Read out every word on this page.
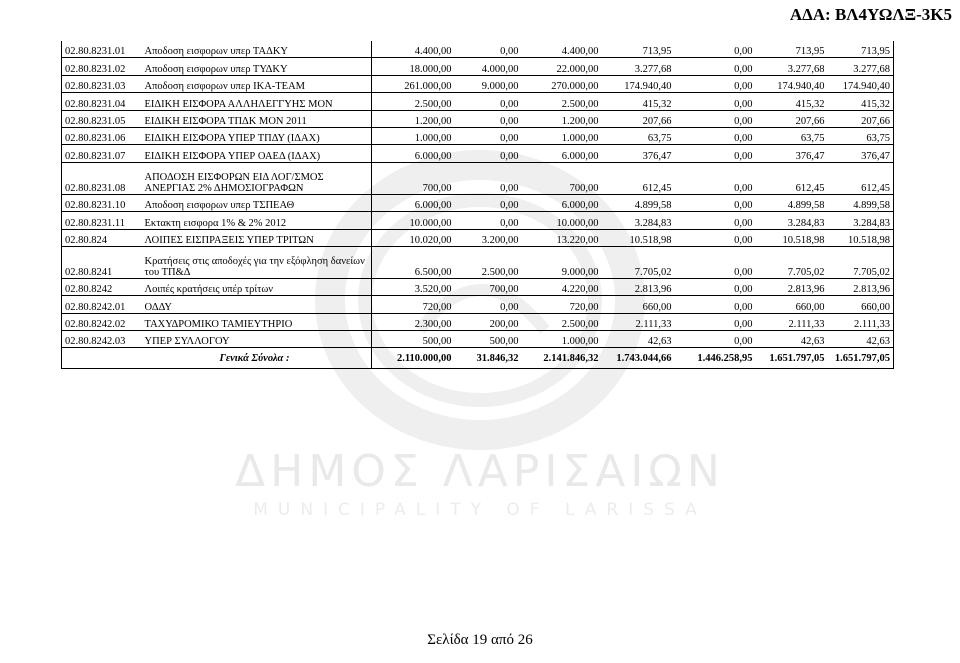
ΔΗΜΟΣ ΛΑΡΙΣΑΙΩΝ
MUNICIPALITY OF LARISSA
ΑΔΑ: ΒΛ4ΥΩΛΞ-3Κ5
02.80.8231.01	Αποδοση εισφορων υπερ ΤΑΔΚΥ	4.400,00	0,00	4.400,00	713,95	0,00	713,95	713,95
02.80.8231.02	Αποδοση εισφορων υπερ ΤΥΔΚΥ	18.000,00	4.000,00	22.000,00	3.277,68	0,00	3.277,68	3.277,68
02.80.8231.03	Αποδοση εισφορων υπερ ΙΚΑ-ΤΕΑΜ	261.000,00	9.000,00	270.000,00	174.940,40	0,00	174.940,40	174.940,40
02.80.8231.04	ΕΙΔΙΚΗ ΕΙΣΦΟΡΑ ΑΛΛΗΛΕΓΓΥΗΣ ΜΟΝ	2.500,00	0,00	2.500,00	415,32	0,00	415,32	415,32
02.80.8231.05	ΕΙΔΙΚΗ ΕΙΣΦΟΡΑ ΤΠΔΚ ΜΟΝ 2011	1.200,00	0,00	1.200,00	207,66	0,00	207,66	207,66
02.80.8231.06	ΕΙΔΙΚΗ ΕΙΣΦΟΡΑ ΥΠΕΡ ΤΠΔΥ (ΙΔΑΧ)	1.000,00	0,00	1.000,00	63,75	0,00	63,75	63,75
02.80.8231.07	ΕΙΔΙΚΗ ΕΙΣΦΟΡΑ ΥΠΕΡ ΟΑΕΔ (ΙΔΑΧ)	6.000,00	0,00	6.000,00	376,47	0,00	376,47	376,47
02.80.8231.08	ΑΠΟΔΟΣΗ ΕΙΣΦΟΡΩΝ ΕΙΔ ΛΟΓ/ΣΜΟΣ ΑΝΕΡΓΙΑΣ 2% ΔΗΜΟΣΙΟΓΡΑΦΩΝ	700,00	0,00	700,00	612,45	0,00	612,45	612,45
02.80.8231.10	Αποδοση εισφορων υπερ ΤΣΠΕΑΘ	6.000,00	0,00	6.000,00	4.899,58	0,00	4.899,58	4.899,58
02.80.8231.11	Εκτακτη εισφορα 1% & 2% 2012	10.000,00	0,00	10.000,00	3.284,83	0,00	3.284,83	3.284,83
02.80.824	ΛΟΙΠΕΣ ΕΙΣΠΡΑΞΕΙΣ ΥΠΕΡ ΤΡΙΤΩΝ	10.020,00	3.200,00	13.220,00	10.518,98	0,00	10.518,98	10.518,98
02.80.8241	Κρατήσεις στις αποδοχές για την εξόφληση δανείων του ΤΠ&Δ	6.500,00	2.500,00	9.000,00	7.705,02	0,00	7.705,02	7.705,02
02.80.8242	Λοιπές κρατήσεις υπέρ τρίτων	3.520,00	700,00	4.220,00	2.813,96	0,00	2.813,96	2.813,96
02.80.8242.01	ΟΔΔΥ	720,00	0,00	720,00	660,00	0,00	660,00	660,00
02.80.8242.02	ΤΑΧΥΔΡΟΜΙΚΟ ΤΑΜΙΕΥΤΗΡΙΟ	2.300,00	200,00	2.500,00	2.111,33	0,00	2.111,33	2.111,33
02.80.8242.03	ΥΠΕΡ ΣΥΛΛΟΓΟΥ	500,00	500,00	1.000,00	42,63	0,00	42,63	42,63
	Γενικά Σύνολα :	2.110.000,00	31.846,32	2.141.846,32	1.743.044,66	1.446.258,95	1.651.797,05	1.651.797,05
Σελίδα 19 από 26
